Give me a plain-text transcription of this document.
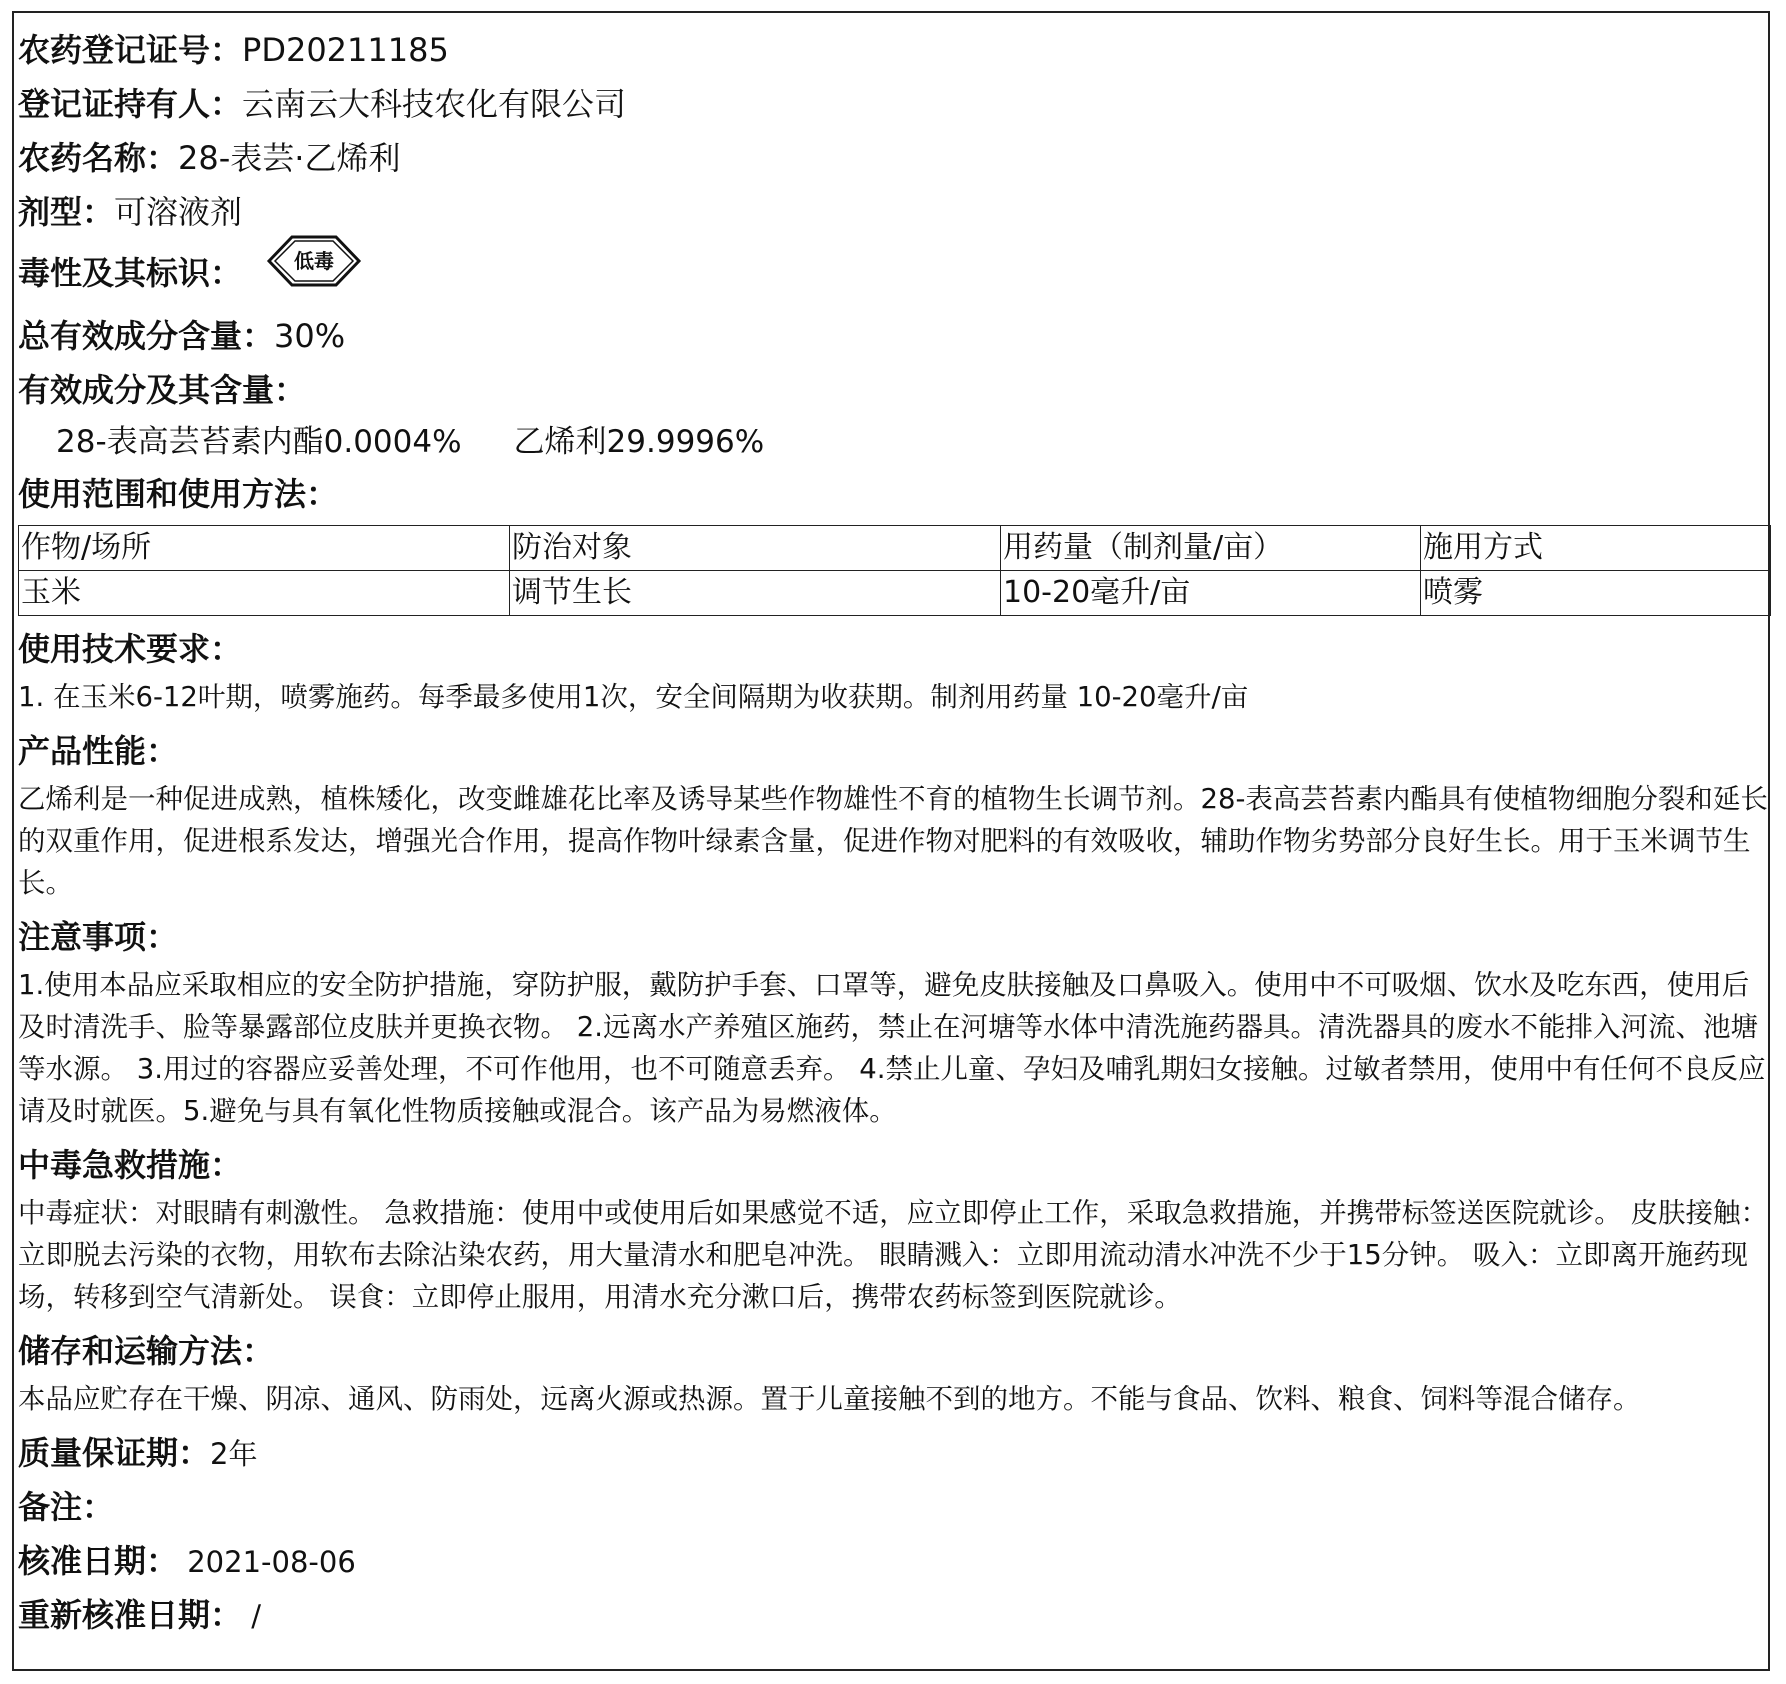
农药登记证号：PD20211185
登记证持有人：云南云大科技农化有限公司
农药名称：28-表芸·乙烯利
剂型：可溶液剂
毒性及其标识：	低毒
总有效成分含量：30%
有效成分及其含量：
28-表高芸苔素内酯0.0004% 乙烯利29.9996%
使用范围和使用方法：
作物/场所	防治对象	用药量（制剂量/亩）	施用方式
玉米	调节生长	10-20毫升/亩	喷雾
使用技术要求：
1. 在玉米6-12叶期，喷雾施药。每季最多使用1次，安全间隔期为收获期。制剂用药量 10-20毫升/亩
产品性能：
乙烯利是一种促进成熟，植株矮化，改变雌雄花比率及诱导某些作物雄性不育的植物生长调节剂。28-表高芸苔素内酯具有使植物细胞分裂和延长的双重作用，促进根系发达，增强光合作用，提高作物叶绿素含量，促进作物对肥料的有效吸收，辅助作物劣势部分良好生长。用于玉米调节生长。
注意事项：
1.使用本品应采取相应的安全防护措施，穿防护服，戴防护手套、口罩等，避免皮肤接触及口鼻吸入。使用中不可吸烟、饮水及吃东西，使用后及时清洗手、脸等暴露部位皮肤并更换衣物。 2.远离水产养殖区施药，禁止在河塘等水体中清洗施药器具。清洗器具的废水不能排入河流、池塘等水源。 3.用过的容器应妥善处理，不可作他用，也不可随意丢弃。 4.禁止儿童、孕妇及哺乳期妇女接触。过敏者禁用，使用中有任何不良反应请及时就医。5.避免与具有氧化性物质接触或混合。该产品为易燃液体。
中毒急救措施：
中毒症状：对眼睛有刺激性。 急救措施：使用中或使用后如果感觉不适，应立即停止工作，采取急救措施，并携带标签送医院就诊。 皮肤接触：立即脱去污染的衣物，用软布去除沾染农药，用大量清水和肥皂冲洗。 眼睛溅入：立即用流动清水冲洗不少于15分钟。 吸入：立即离开施药现场，转移到空气清新处。 误食：立即停止服用，用清水充分漱口后，携带农药标签到医院就诊。
储存和运输方法：
本品应贮存在干燥、阴凉、通风、防雨处，远离火源或热源。置于儿童接触不到的地方。不能与食品、饮料、粮食、饲料等混合储存。
质量保证期：2年
备注：
核准日期： 2021-08-06
重新核准日期： /
